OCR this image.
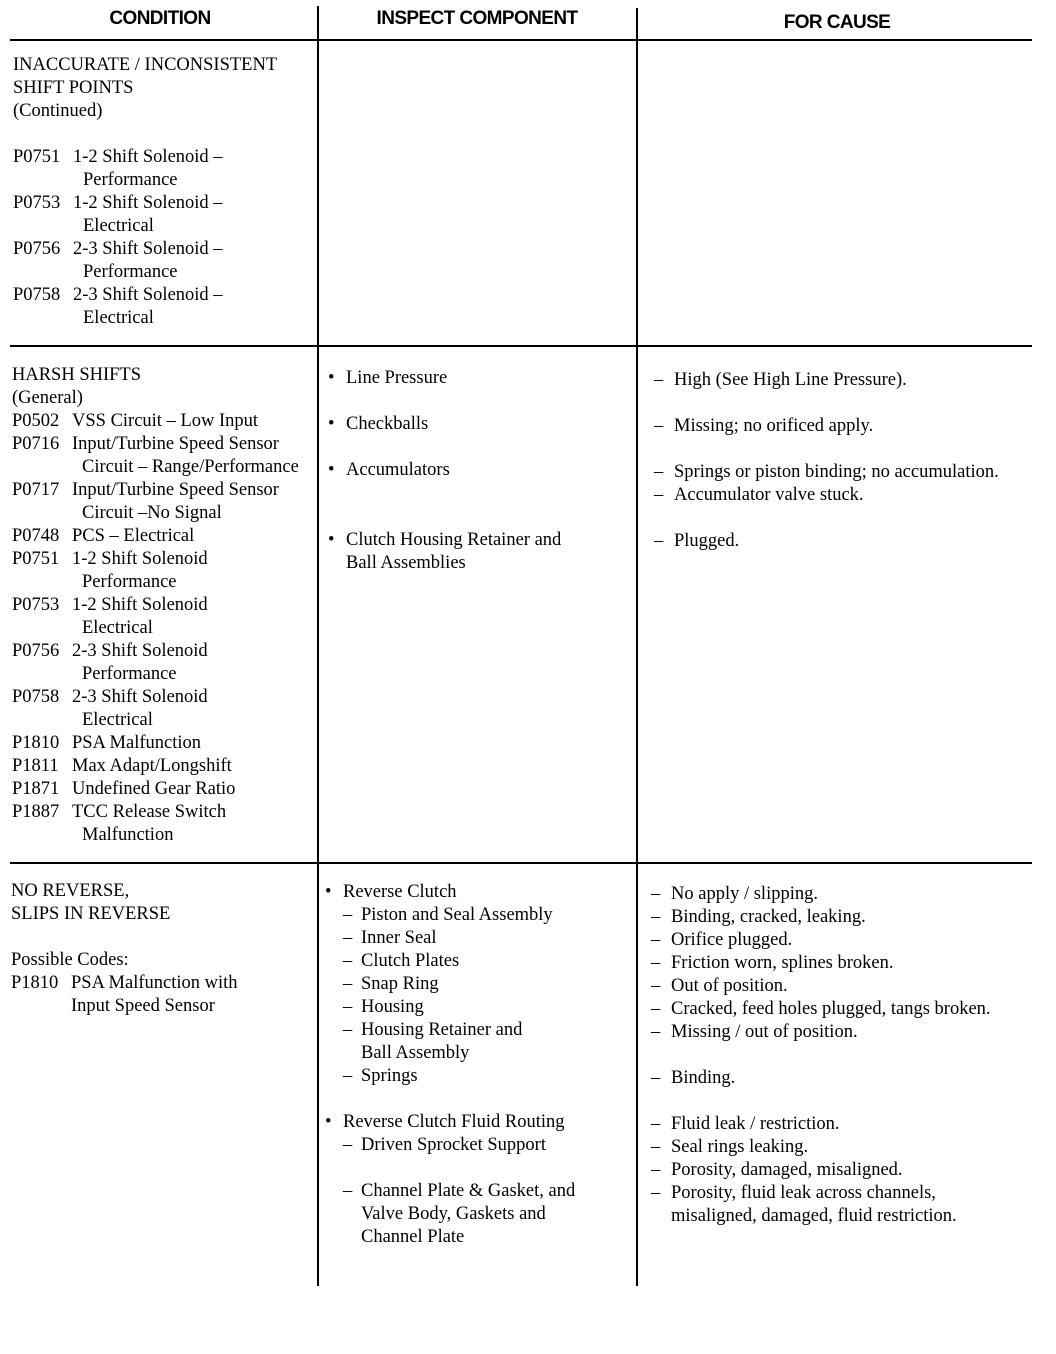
CONDITION	INSPECT COMPONENT	FOR CAUSE
INACCURATE / INCONSISTENT
SHIFT POINTS
(Continued)
P0751 1-2 Shift Solenoid –
Performance
P0753 1-2 Shift Solenoid –
Electrical
P0756 2-3 Shift Solenoid –
Performance
P0758 2-3 Shift Solenoid –
Electrical
HARSH SHIFTS
(General)
P0502 VSS Circuit – Low Input
P0716 Input/Turbine Speed Sensor
Circuit – Range/Performance
P0717 Input/Turbine Speed Sensor
Circuit –No Signal
P0748 PCS – Electrical
P0751 1-2 Shift Solenoid
Performance
P0753 1-2 Shift Solenoid
Electrical
P0756 2-3 Shift Solenoid
Performance
P0758 2-3 Shift Solenoid
Electrical
P1810 PSA Malfunction
P1811 Max Adapt/Longshift
P1871 Undefined Gear Ratio
P1887 TCC Release Switch
Malfunction
• Line Pressure
• Checkballs
• Accumulators
• Clutch Housing Retainer and
Ball Assemblies
– High (See High Line Pressure).
– Missing; no orificed apply.
– Springs or piston binding; no accumulation.
– Accumulator valve stuck.
– Plugged.
NO REVERSE,
SLIPS IN REVERSE
Possible Codes:
P1810 PSA Malfunction with
Input Speed Sensor
• Reverse Clutch
– Piston and Seal Assembly
– Inner Seal
– Clutch Plates
– Snap Ring
– Housing
– Housing Retainer and
Ball Assembly
– Springs
• Reverse Clutch Fluid Routing
– Driven Sprocket Support
– Channel Plate & Gasket, and
Valve Body, Gaskets and
Channel Plate
– No apply / slipping.
– Binding, cracked, leaking.
– Orifice plugged.
– Friction worn, splines broken.
– Out of position.
– Cracked, feed holes plugged, tangs broken.
– Missing / out of position.
– Binding.
– Fluid leak / restriction.
– Seal rings leaking.
– Porosity, damaged, misaligned.
– Porosity, fluid leak across channels,
misaligned, damaged, fluid restriction.
